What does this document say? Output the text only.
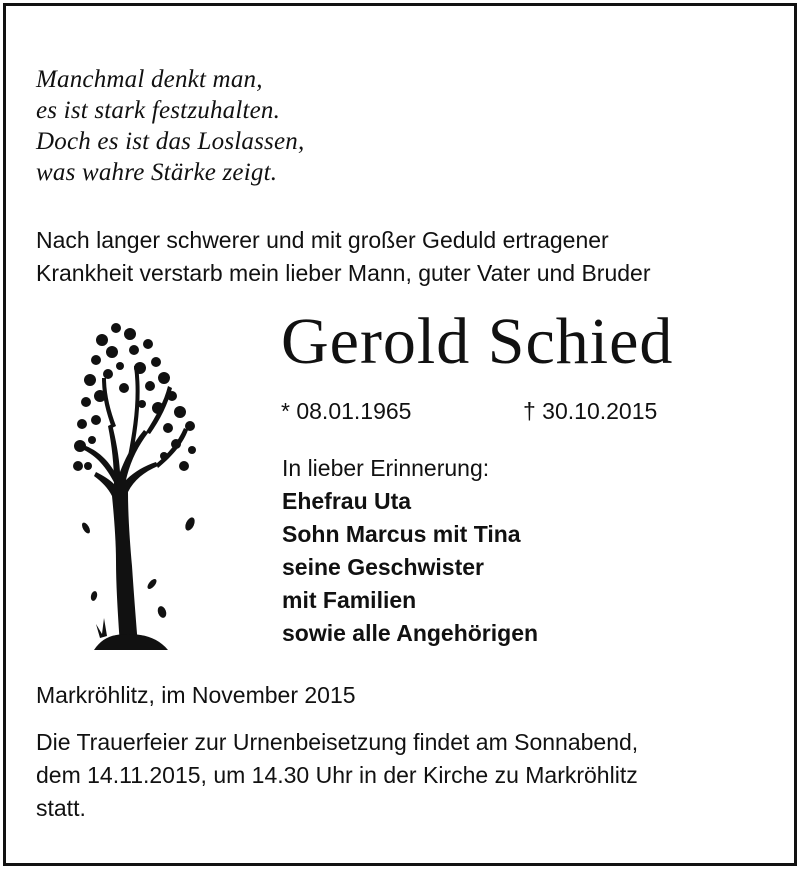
Manchmal denkt man,
es ist stark festzuhalten.
Doch es ist das Loslassen,
was wahre Stärke zeigt.
Nach langer schwerer und mit großer Geduld ertragener
Krankheit verstarb mein lieber Mann, guter Vater und Bruder
Gerold Schied
* 08.01.1965	† 30.10.2015
In lieber Erinnerung:
Ehefrau Uta
Sohn Marcus mit Tina
seine Geschwister
mit Familien
sowie alle Angehörigen
Markröhlitz, im November 2015
Die Trauerfeier zur Urnenbeisetzung findet am Sonnabend,
dem 14.11.2015, um 14.30 Uhr in der Kirche zu Markröhlitz
statt.
